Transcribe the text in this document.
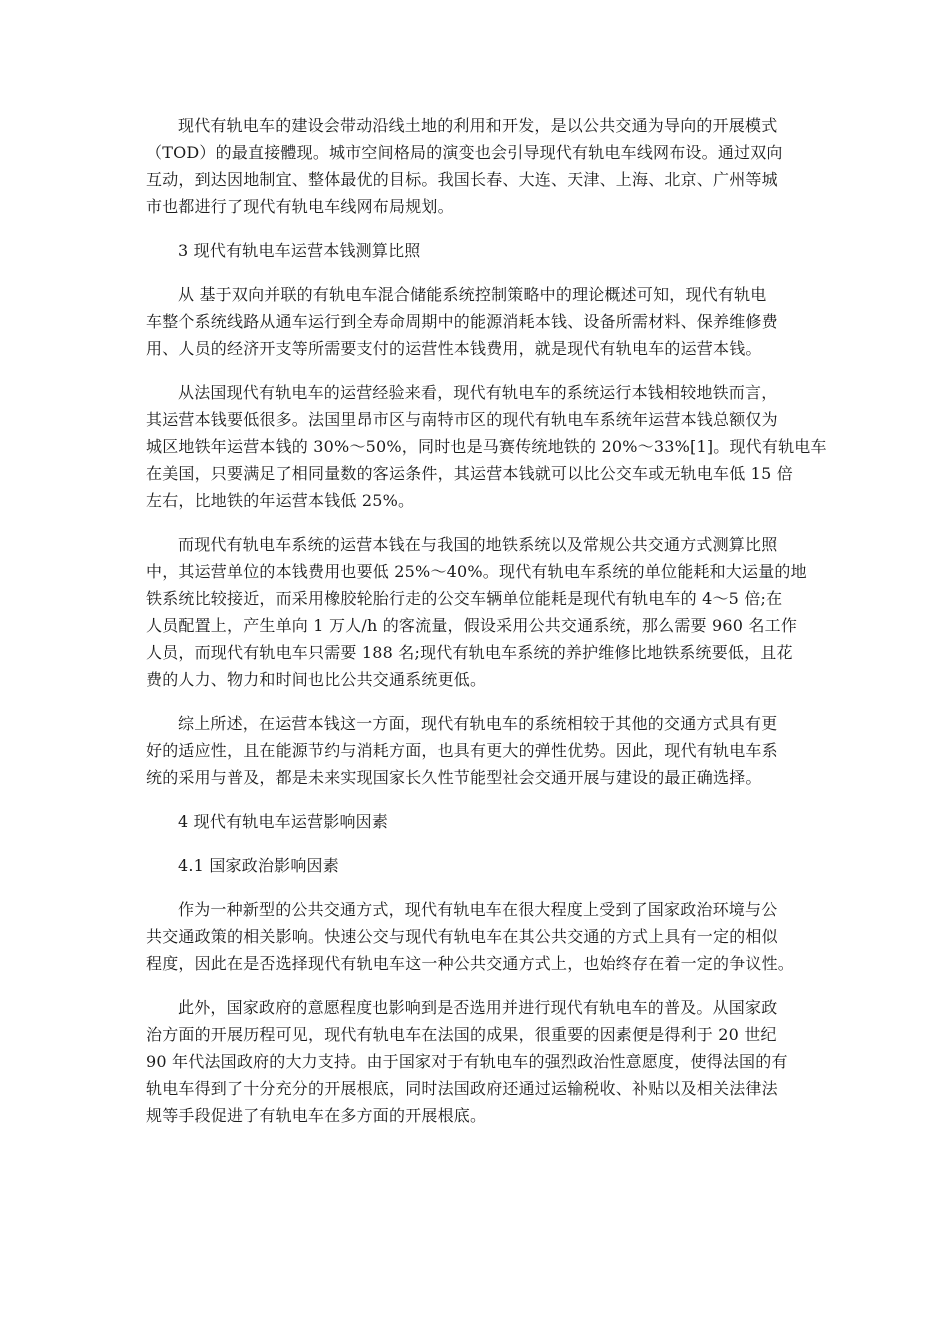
现代有轨电车的建设会带动沿线土地的利用和开发，是以公共交通为导向的开展模式
（TOD）的最直接體现。城市空间格局的演变也会引导现代有轨电车线网布设。通过双向
互动，到达因地制宜、整体最优的目标。我国长春、大连、天津、上海、北京、广州等城
市也都进行了现代有轨电车线网布局规划。

3 现代有轨电车运营本钱测算比照

从 基于双向并联的有轨电车混合储能系统控制策略中的理论概述可知，现代有轨电
车整个系统线路从通车运行到全寿命周期中的能源消耗本钱、设备所需材料、保养维修费
用、人员的经济开支等所需要支付的运营性本钱费用，就是现代有轨电车的运营本钱。

从法国现代有轨电车的运营经验来看，现代有轨电车的系统运行本钱相较地铁而言，
其运营本钱要低很多。法国里昂市区与南特市区的现代有轨电车系统年运营本钱总额仅为
城区地铁年运营本钱的 30%～50%，同时也是马赛传统地铁的 20%～33%[1]。现代有轨电车
在美国，只要满足了相同量数的客运条件，其运营本钱就可以比公交车或无轨电车低 15 倍
左右，比地铁的年运营本钱低 25%。

而现代有轨电车系统的运营本钱在与我国的地铁系统以及常规公共交通方式测算比照
中，其运营单位的本钱费用也要低 25%～40%。现代有轨电车系统的单位能耗和大运量的地
铁系统比较接近，而采用橡胶轮胎行走的公交车辆单位能耗是现代有轨电车的 4～5 倍;在
人员配置上，产生单向 1 万人/h 的客流量，假设采用公共交通系统，那么需要 960 名工作
人员，而现代有轨电车只需要 188 名;现代有轨电车系统的养护维修比地铁系统要低，且花
费的人力、物力和时间也比公共交通系统更低。

综上所述，在运营本钱这一方面，现代有轨电车的系统相较于其他的交通方式具有更
好的适应性，且在能源节约与消耗方面，也具有更大的弹性优势。因此，现代有轨电车系
统的采用与普及，都是未来实现国家长久性节能型社会交通开展与建设的最正确选择。

4 现代有轨电车运营影响因素
4.1 国家政治影响因素

作为一种新型的公共交通方式，现代有轨电车在很大程度上受到了国家政治环境与公
共交通政策的相关影响。快速公交与现代有轨电车在其公共交通的方式上具有一定的相似
程度，因此在是否选择现代有轨电车这一种公共交通方式上，也始终存在着一定的争议性。

此外，国家政府的意愿程度也影响到是否选用并进行现代有轨电车的普及。从国家政
治方面的开展历程可见，现代有轨电车在法国的成果，很重要的因素便是得利于 20 世纪
90 年代法国政府的大力支持。由于国家对于有轨电车的强烈政治性意愿度，使得法国的有
轨电车得到了十分充分的开展根底，同时法国政府还通过运输税收、补贴以及相关法律法
规等手段促进了有轨电车在多方面的开展根底。
